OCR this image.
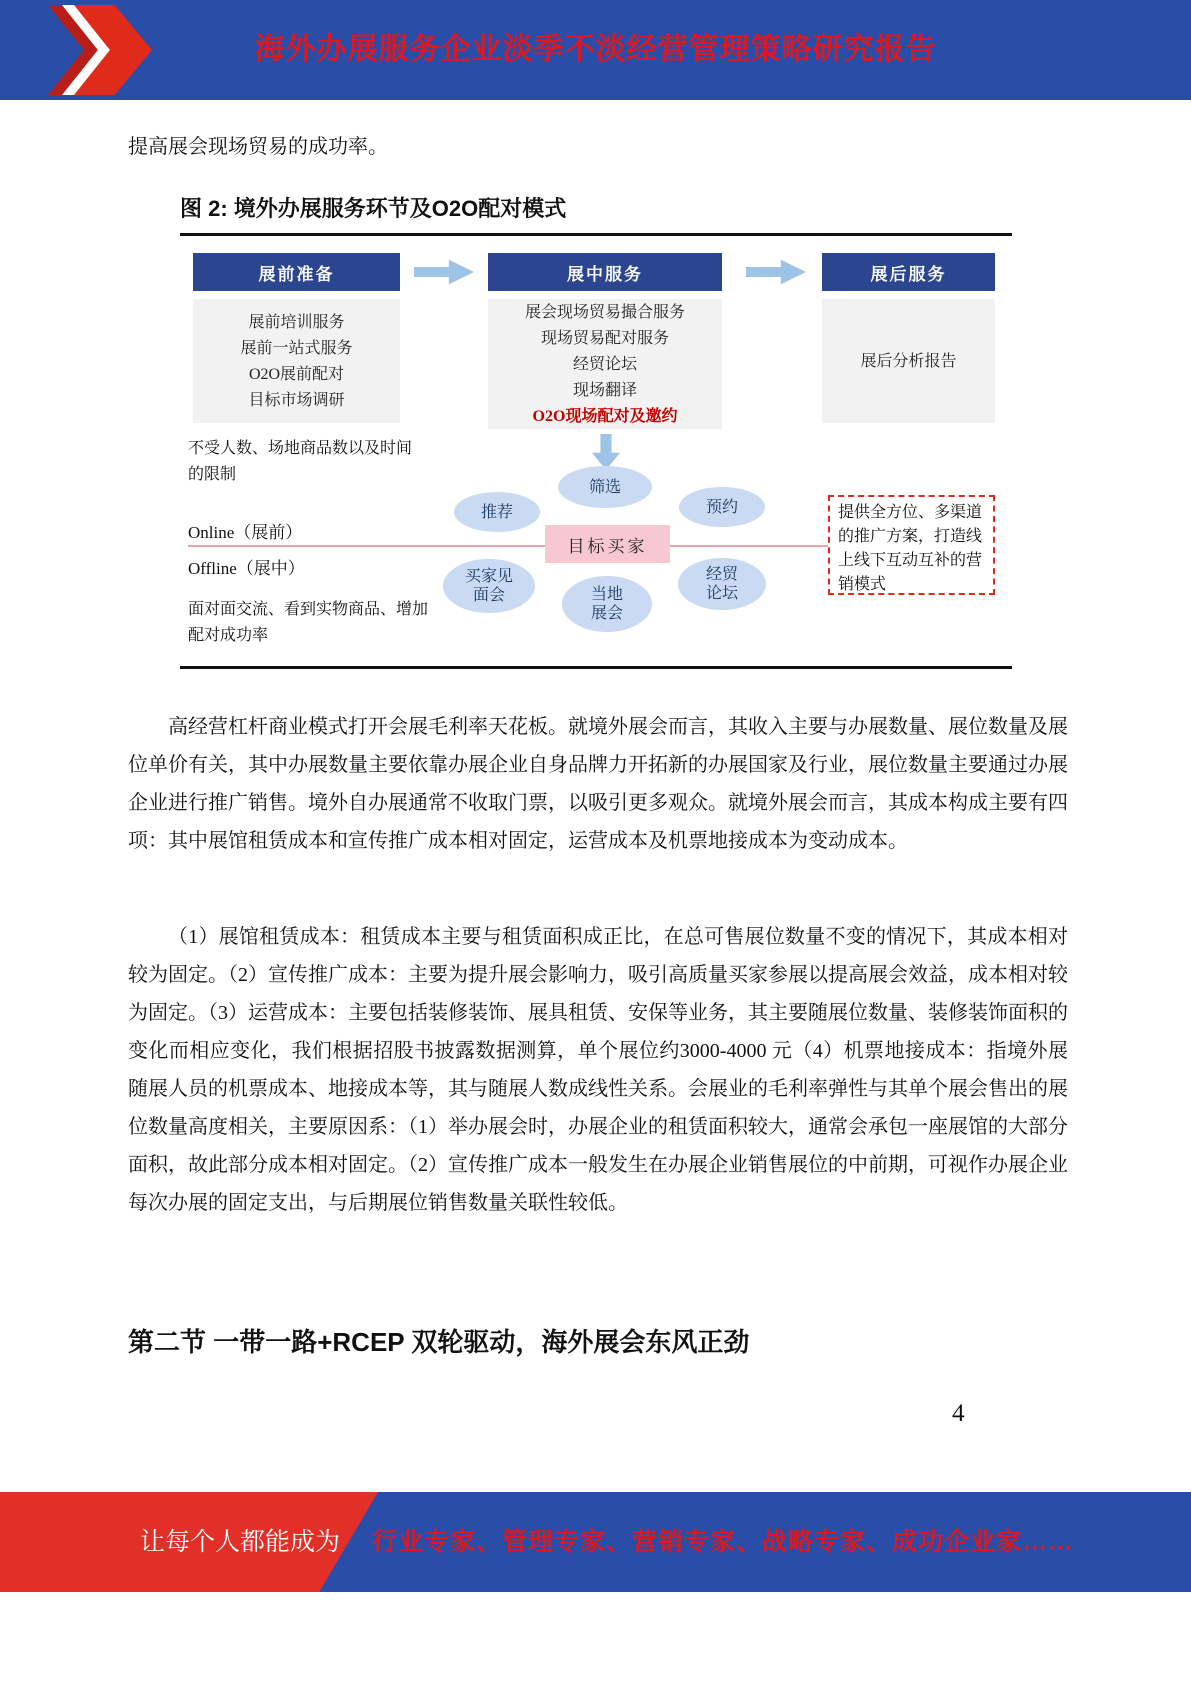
海外办展服务企业淡季不淡经营管理策略研究报告

提高展会现场贸易的成功率。

图 2: 境外办展服务环节及O2O配对模式
展前准备	展中服务	展后服务
展前培训服务
展前一站式服务
O2O展前配对
目标市场调研
展会现场贸易撮合服务
现场贸易配对服务
经贸论坛
现场翻译
O2O现场配对及邀约
展后分析报告
不受人数、场地商品数以及时间的限制
Online（展前）
Offline（展中）
面对面交流、看到实物商品、增加配对成功率
筛选
推荐	预约
买家见面会	当地展会
经贸论坛
目标买家
提供全方位、多渠道的推广方案，打造线上线下互动互补的营销模式

高经营杠杆商业模式打开会展毛利率天花板。就境外展会而言，其收入主要与办展数量、展位数量及展位单价有关，其中办展数量主要依靠办展企业自身品牌力开拓新的办展国家及行业，展位数量主要通过办展企业进行推广销售。境外自办展通常不收取门票，以吸引更多观众。就境外展会而言，其成本构成主要有四项：其中展馆租赁成本和宣传推广成本相对固定，运营成本及机票地接成本为变动成本。

（1）展馆租赁成本：租赁成本主要与租赁面积成正比，在总可售展位数量不变的情况下，其成本相对较为固定。（2）宣传推广成本：主要为提升展会影响力，吸引高质量买家参展以提高展会效益，成本相对较为固定。（3）运营成本：主要包括装修装饰、展具租赁、安保等业务，其主要随展位数量、装修装饰面积的变化而相应变化，我们根据招股书披露数据测算，单个展位约3000-4000 元（4）机票地接成本：指境外展随展人员的机票成本、地接成本等，其与随展人数成线性关系。会展业的毛利率弹性与其单个展会售出的展位数量高度相关，主要原因系：（1）举办展会时，办展企业的租赁面积较大，通常会承包一座展馆的大部分面积，故此部分成本相对固定。（2）宣传推广成本一般发生在办展企业销售展位的中前期，可视作办展企业每次办展的固定支出，与后期展位销售数量关联性较低。

第二节 一带一路+RCEP 双轮驱动，海外展会东风正劲
4
让每个人都能成为 行业专家、管理专家、营销专家、战略专家、成功企业家……
